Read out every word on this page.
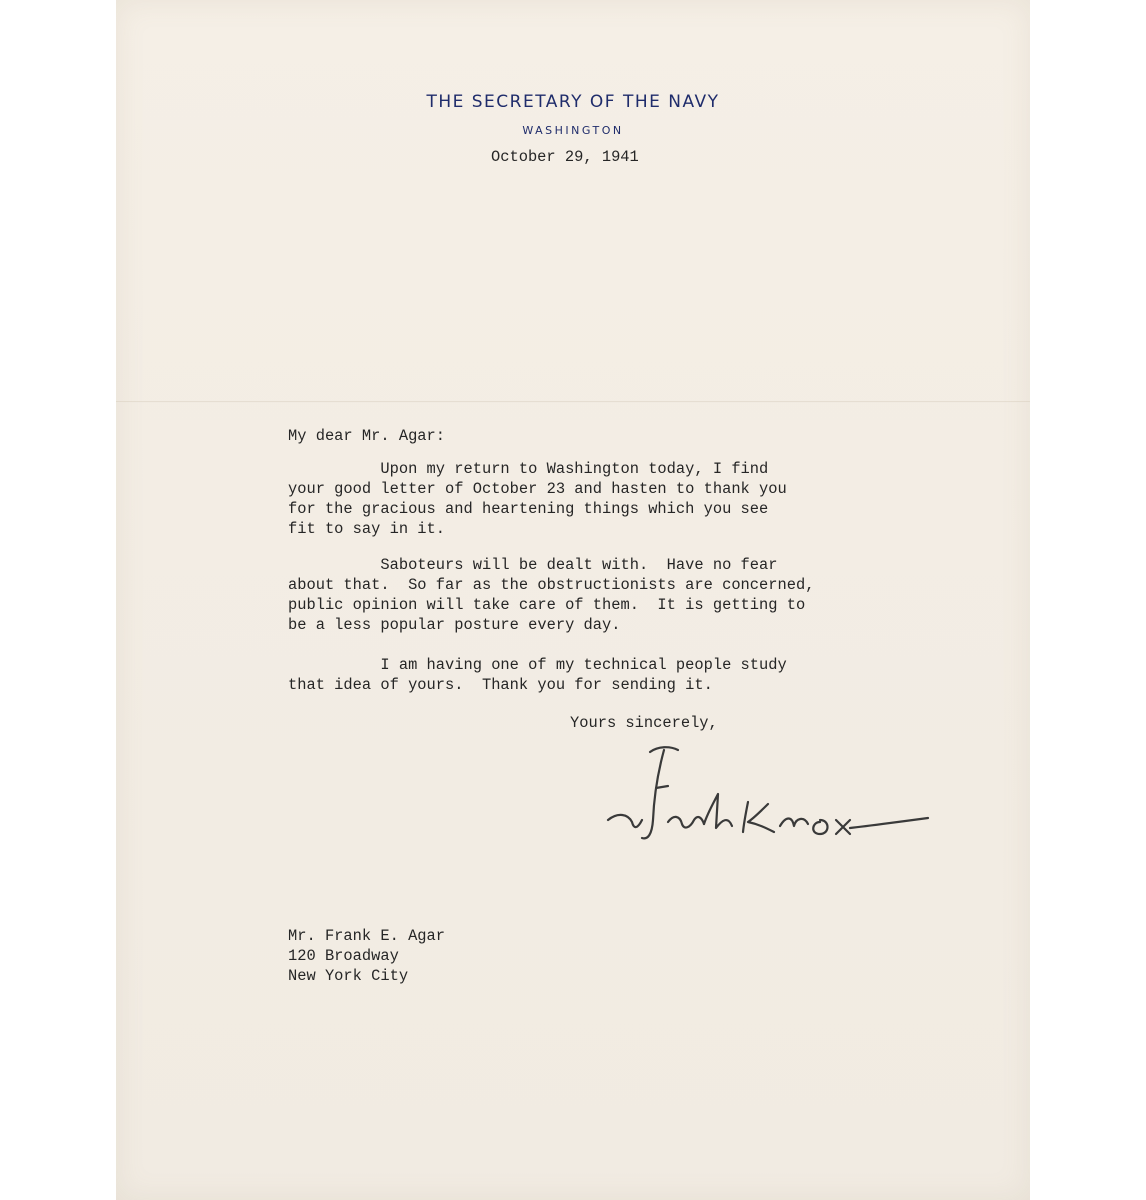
THE SECRETARY OF THE NAVY
WASHINGTON
October 29, 1941
My dear Mr. Agar:
Upon my return to Washington today, I find
your good letter of October 23 and hasten to thank you
for the gracious and heartening things which you see
fit to say in it.
Saboteurs will be dealt with.  Have no fear
about that.  So far as the obstructionists are concerned,
public opinion will take care of them.  It is getting to
be a less popular posture every day.
I am having one of my technical people study
that idea of yours.  Thank you for sending it.
Yours sincerely,
Mr. Frank E. Agar
120 Broadway
New York City
